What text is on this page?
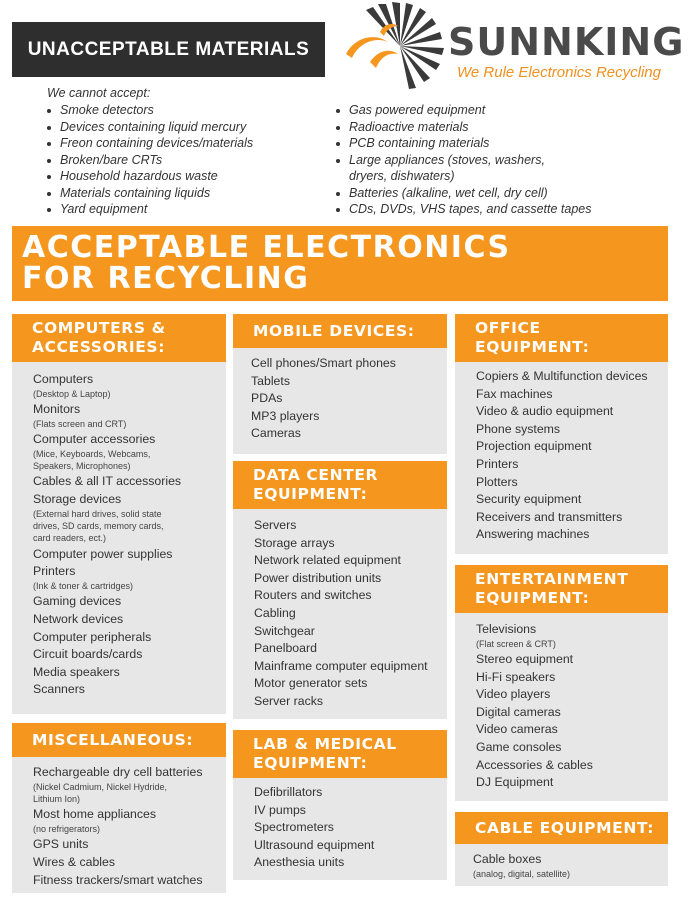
UNACCEPTABLE MATERIALS	SUNNKING
We Rule Electronics Recycling
We cannot accept:
Smoke detectors
Devices containing liquid mercury
Freon containing devices/materials
Broken/bare CRTs
Household hazardous waste
Materials containing liquids
Yard equipment
Gas powered equipment
Radioactive materials
PCB containing materials
Large appliances (stoves, washers,
dryers, dishwaters)
Batteries (alkaline, wet cell, dry cell)
CDs, DVDs, VHS tapes, and cassette tapes
ACCEPTABLE ELECTRONICS
FOR RECYCLING
COMPUTERS &
ACCESSORIES:
Computers
(Desktop & Laptop)
Monitors
(Flats screen and CRT)
Computer accessories
(Mice, Keyboards, Webcams,
Speakers, Microphones)
Cables & all IT accessories
Storage devices
(External hard drives, solid state
drives, SD cards, memory cards,
card readers, ect.)
Computer power supplies
Printers
(Ink & toner & cartridges)
Gaming devices
Network devices
Computer peripherals
Circuit boards/cards
Media speakers
Scanners
MOBILE DEVICES:
Cell phones/Smart phones
Tablets
PDAs
MP3 players
Cameras
DATA CENTER
EQUIPMENT:
Servers
Storage arrays
Network related equipment
Power distribution units
Routers and switches
Cabling
Switchgear
Panelboard
Mainframe computer equipment
Motor generator sets
Server racks
OFFICE
EQUIPMENT:
Copiers & Multifunction devices
Fax machines
Video & audio equipment
Phone systems
Projection equipment
Printers
Plotters
Security equipment
Receivers and transmitters
Answering machines
ENTERTAINMENT
EQUIPMENT:
Televisions
(Flat screen & CRT)
Stereo equipment
Hi-Fi speakers
Video players
Digital cameras
Video cameras
Game consoles
Accessories & cables
DJ Equipment
MISCELLANEOUS:
Rechargeable dry cell batteries
(Nickel Cadmium, Nickel Hydride,
Lithium Ion)
Most home appliances
(no refrigerators)
GPS units
Wires & cables
Fitness trackers/smart watches
LAB & MEDICAL
EQUIPMENT:
Defibrillators
IV pumps
Spectrometers
Ultrasound equipment
Anesthesia units
CABLE EQUIPMENT:
Cable boxes
(analog, digital, satellite)
